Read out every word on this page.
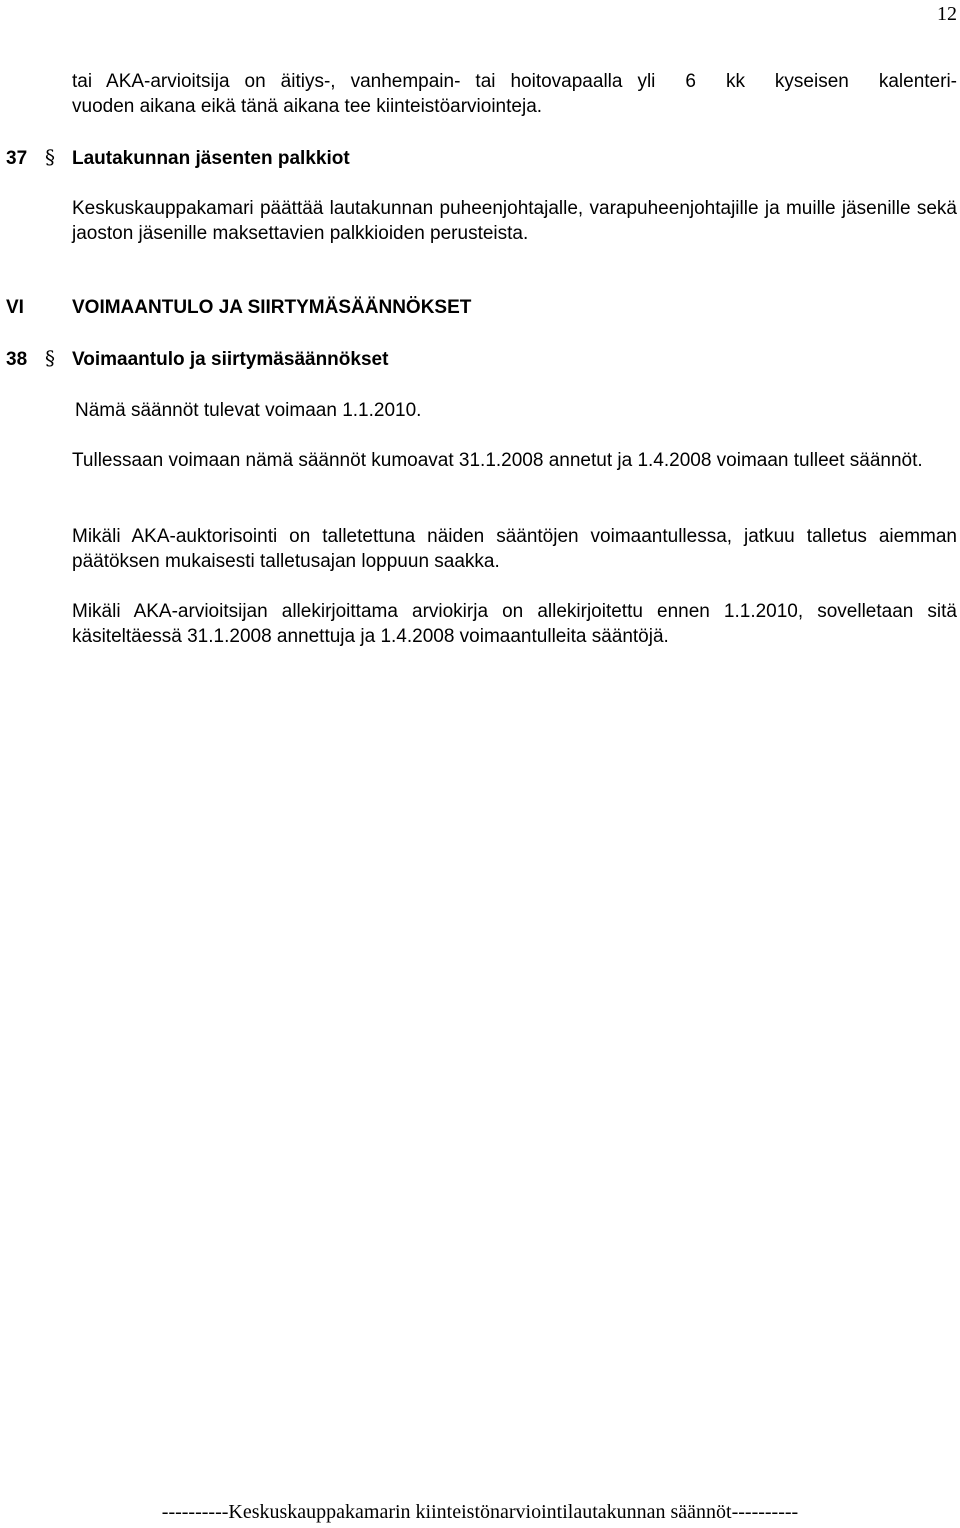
12
tai AKA-arvioitsija on äitiys-, vanhempain- tai hoitovapaalla yli  6  kk  kyseisen  kalenteri-
vuoden aikana eikä tänä aikana tee kiinteistöarviointeja.
37 § Lautakunnan jäsenten palkkiot
Keskuskauppakamari päättää lautakunnan puheenjohtajalle, varapuheenjohtajille ja muille jäsenille sekä jaoston jäsenille maksettavien palkkioiden perusteista.
VI	VOIMAANTULO JA SIIRTYMÄSÄÄNNÖKSET
38 § Voimaantulo ja siirtymäsäännökset
Nämä säännöt tulevat voimaan 1.1.2010.
Tullessaan voimaan nämä säännöt kumoavat 31.1.2008 annetut ja 1.4.2008 voimaan tulleet säännöt.
Mikäli AKA-auktorisointi on talletettuna näiden sääntöjen voimaantullessa, jatkuu talletus aiemman päätöksen mukaisesti talletusajan loppuun saakka.
Mikäli AKA-arvioitsijan allekirjoittama arviokirja on allekirjoitettu ennen 1.1.2010, sovelletaan sitä käsiteltäessä 31.1.2008 annettuja ja 1.4.2008 voimaantulleita sääntöjä.
----------Keskuskauppakamarin kiinteistönarviointilautakunnan säännöt----------
